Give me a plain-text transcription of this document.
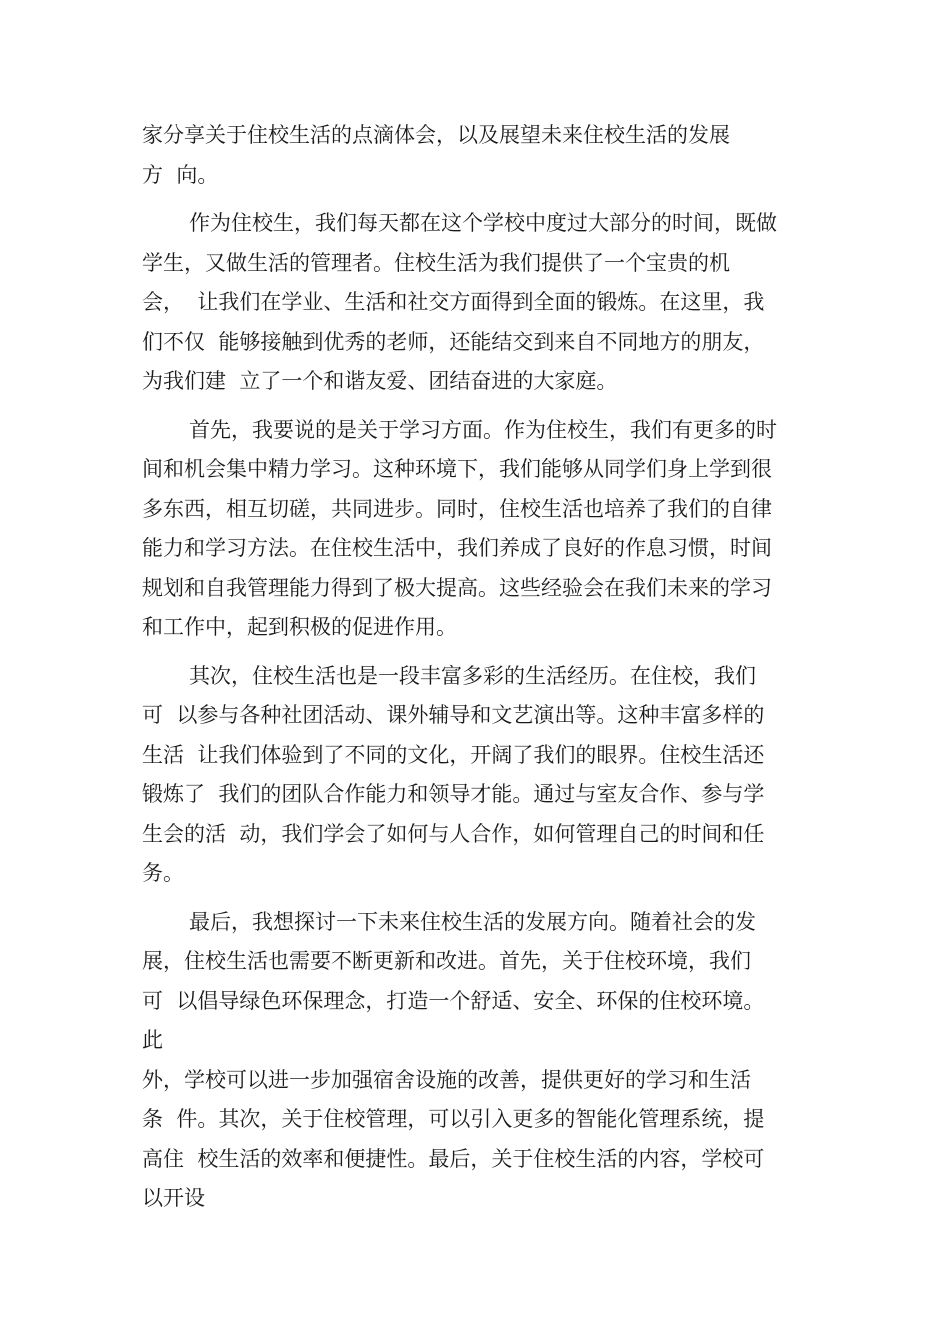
家分享关于住校生活的点滴体会，以及展望未来住校生活的发展
方  向。
作为住校生，我们每天都在这个学校中度过大部分的时间，既做
学生，又做生活的管理者。住校生活为我们提供了一个宝贵的机
会，  让我们在学业、生活和社交方面得到全面的锻炼。在这里，我
们不仅  能够接触到优秀的老师，还能结交到来自不同地方的朋友，
为我们建  立了一个和谐友爱、团结奋进的大家庭。
首先，我要说的是关于学习方面。作为住校生，我们有更多的时
间和机会集中精力学习。这种环境下，我们能够从同学们身上学到很
多东西，相互切磋，共同进步。同时，住校生活也培养了我们的自律
能力和学习方法。在住校生活中，我们养成了良好的作息习惯，时间
规划和自我管理能力得到了极大提高。这些经验会在我们未来的学习
和工作中，起到积极的促进作用。
其次，住校生活也是一段丰富多彩的生活经历。在住校，我们
可  以参与各种社团活动、课外辅导和文艺演出等。这种丰富多样的
生活  让我们体验到了不同的文化，开阔了我们的眼界。住校生活还
锻炼了  我们的团队合作能力和领导才能。通过与室友合作、参与学
生会的活  动，我们学会了如何与人合作，如何管理自己的时间和任
务。
最后，我想探讨一下未来住校生活的发展方向。随着社会的发
展，住校生活也需要不断更新和改进。首先，关于住校环境，我们
可  以倡导绿色环保理念，打造一个舒适、安全、环保的住校环境。
此
外，学校可以进一步加强宿舍设施的改善，提供更好的学习和生活
条  件。其次，关于住校管理，可以引入更多的智能化管理系统，提
高住  校生活的效率和便捷性。最后，关于住校生活的内容，学校可
以开设
